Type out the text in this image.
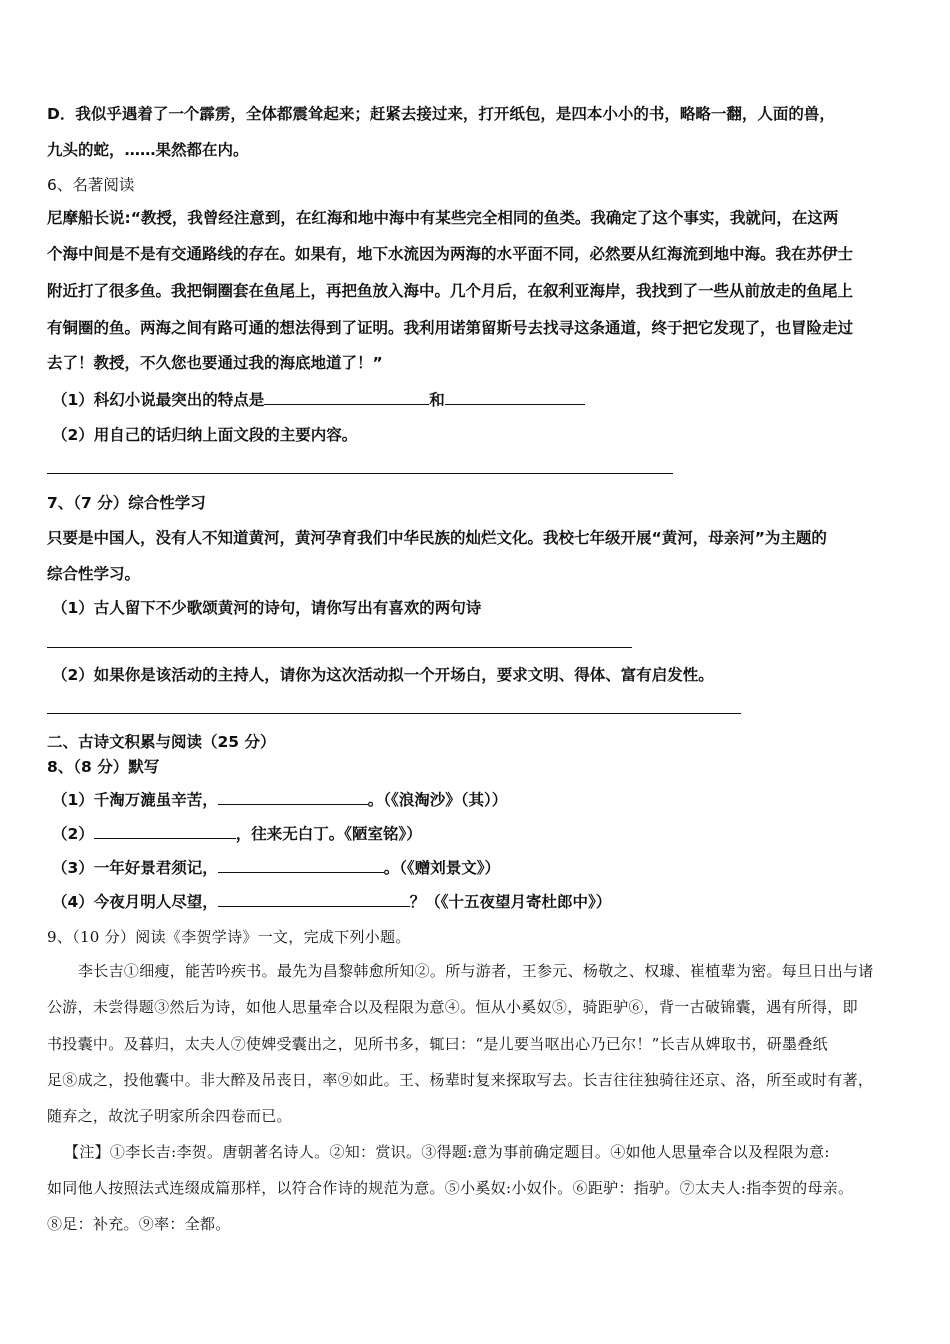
D．我似乎遇着了一个霹雳，全体都震耸起来；赶紧去接过来，打开纸包，是四本小小的书，略略一翻，人面的兽，
九头的蛇，……果然都在内。
6、名著阅读
尼摩船长说:“教授，我曾经注意到，在红海和地中海中有某些完全相同的鱼类。我确定了这个事实，我就问，在这两
个海中间是不是有交通路线的存在。如果有，地下水流因为两海的水平面不同，必然要从红海流到地中海。我在苏伊士
附近打了很多鱼。我把铜圈套在鱼尾上，再把鱼放入海中。几个月后，在叙利亚海岸，我找到了一些从前放走的鱼尾上
有铜圈的鱼。两海之间有路可通的想法得到了证明。我利用诺第留斯号去找寻这条通道，终于把它发现了，也冒险走过
去了！教授，不久您也要通过我的海底地道了！”
（1）科幻小说最突出的特点是	和
（2）用自己的话归纳上面文段的主要内容。
7、（7 分）综合性学习
只要是中国人，没有人不知道黄河，黄河孕育我们中华民族的灿烂文化。我校七年级开展“黄河，母亲河”为主题的
综合性学习。
（1）古人留下不少歌颂黄河的诗句，请你写出有喜欢的两句诗
（2）如果你是该活动的主持人，请你为这次活动拟一个开场白，要求文明、得体、富有启发性。
二、古诗文积累与阅读（25 分）
8、（8 分）默写
（1）千淘万漉虽辛苦，	。（《浪淘沙》（其））
（2）	，往来无白丁。《陋室铭》）
（3）一年好景君须记，	。（《赠刘景文》）
（4）今夜月明人尽望，	？（《十五夜望月寄杜郎中》）
9、（10 分）阅读《李贺学诗》一文，完成下列小题。
李长吉①细瘦，能苦吟疾书。最先为昌黎韩愈所知②。所与游者，王参元、杨敬之、权璩、崔植辈为密。每旦日出与诸
公游，未尝得题③然后为诗，如他人思量牵合以及程限为意④。恒从小奚奴⑤，骑距驴⑥，背一古破锦囊，遇有所得，即
书投囊中。及暮归，太夫人⑦使婢受囊出之，见所书多，辄曰：“是儿要当呕出心乃已尔！”长吉从婢取书，研墨叠纸
足⑧成之，投他囊中。非大醉及吊丧日，率⑨如此。王、杨辈时复来探取写去。长吉往往独骑往还京、洛，所至或时有著，
随弃之，故沈子明家所余四卷而已。
【注】①李长吉:李贺。唐朝著名诗人。②知：赏识。③得题:意为事前确定题目。④如他人思量牵合以及程限为意:
如同他人按照法式连缀成篇那样，以符合作诗的规范为意。⑤小奚奴:小奴仆。⑥距驴：指驴。⑦太夫人:指李贺的母亲。
⑧足：补充。⑨率：全都。
